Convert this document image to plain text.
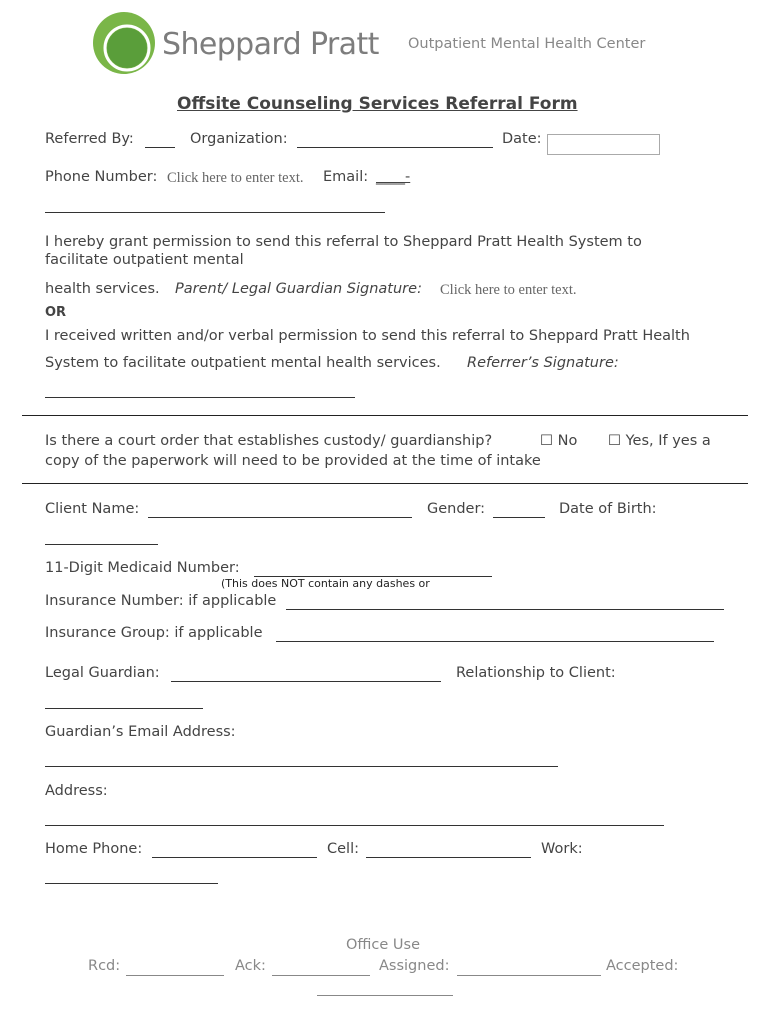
Sheppard Pratt Outpatient Mental Health Center
Offsite Counseling Services Referral Form
Referred By:	Organization:	Date:
Phone Number: Click here to enter text. Email: ____-
I hereby grant permission to send this referral to Sheppard Pratt Health System to
facilitate outpatient mental
health services. Parent/ Legal Guardian Signature: Click here to enter text.
OR
I received written and/or verbal permission to send this referral to Sheppard Pratt Health
System to facilitate outpatient mental health services. Referrer’s Signature:
Is there a court order that establishes custody/ guardianship?	☐ No ☐ Yes, If yes a
copy of the paperwork will need to be provided at the time of intake
Client Name:	Gender:	Date of Birth:
11-Digit Medicaid Number:
(This does NOT contain any dashes or
Insurance Number: if applicable
Insurance Group: if applicable
Legal Guardian:	Relationship to Client:
Guardian’s Email Address:
Address:
Home Phone:	Cell:	Work:
Office Use
Rcd:	Ack:	Assigned:	Accepted:
